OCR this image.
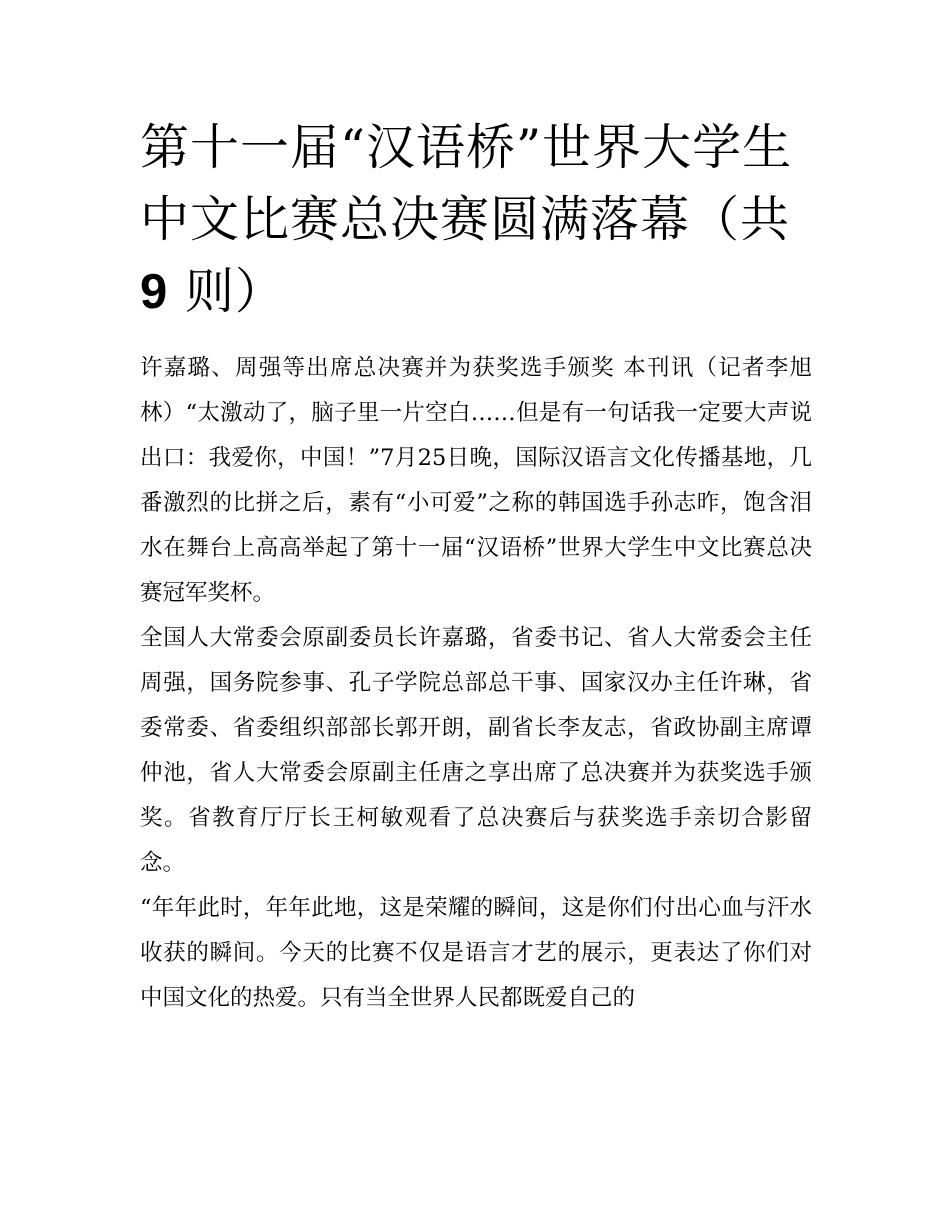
第十一届“汉语桥”世界大学生中文比赛总决赛圆满落幕（共9 则）

许嘉璐、周强等出席总决赛并为获奖选手颁奖 本刊讯（记者李旭林）“太激动了，脑子里一片空白……但是有一句话我一定要大声说出口：我爱你，中国！”7月25日晚，国际汉语言文化传播基地，几番激烈的比拼之后，素有“小可爱”之称的韩国选手孙志昨，饱含泪水在舞台上高高举起了第十一届“汉语桥”世界大学生中文比赛总决赛冠军奖杯。

全国人大常委会原副委员长许嘉璐，省委书记、省人大常委会主任周强，国务院参事、孔子学院总部总干事、国家汉办主任许琳，省委常委、省委组织部部长郭开朗，副省长李友志，省政协副主席谭仲池，省人大常委会原副主任唐之享出席了总决赛并为获奖选手颁奖。省教育厅厅长王柯敏观看了总决赛后与获奖选手亲切合影留念。

“年年此时，年年此地，这是荣耀的瞬间，这是你们付出心血与汗水收获的瞬间。今天的比赛不仅是语言才艺的展示，更表达了你们对中国文化的热爱。只有当全世界人民都既爱自己的
